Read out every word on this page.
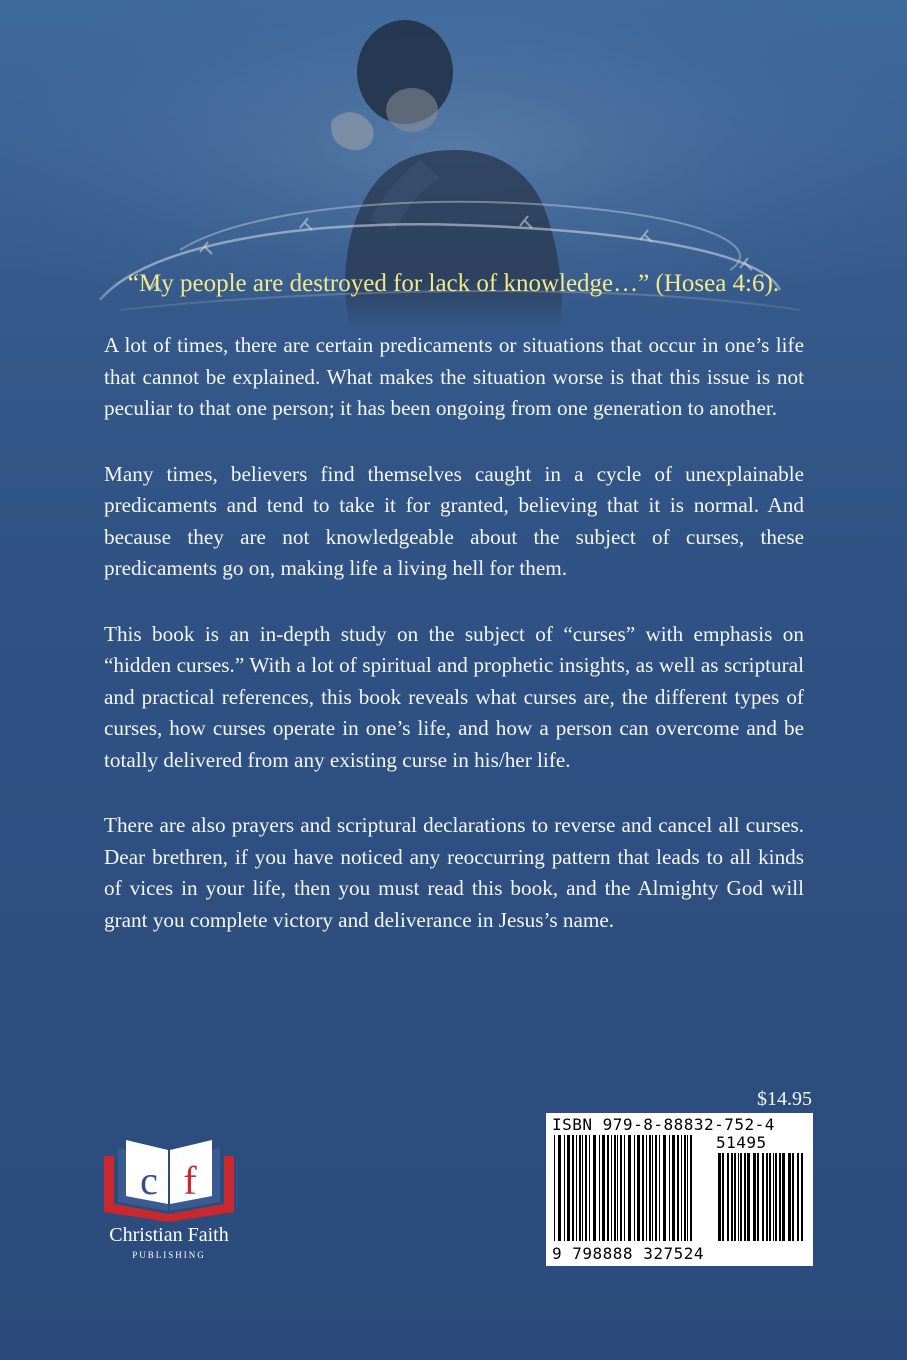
“My people are destroyed for lack of knowledge…” (Hosea 4:6).

A lot of times, there are certain predicaments or situations that occur in one’s life that cannot be explained. What makes the situation worse is that this issue is not peculiar to that one person; it has been ongoing from one generation to another.

Many times, believers find themselves caught in a cycle of unexplainable predicaments and tend to take it for granted, believing that it is normal. And because they are not knowledgeable about the subject of curses, these predicaments go on, making life a living hell for them.

This book is an in-depth study on the subject of “curses” with emphasis on “hidden curses.” With a lot of spiritual and prophetic insights, as well as scriptural and practical references, this book reveals what curses are, the different types of curses, how curses operate in one’s life, and how a person can overcome and be totally delivered from any existing curse in his/her life.

There are also prayers and scriptural declarations to reverse and cancel all curses. Dear brethren, if you have noticed any reoccurring pattern that leads to all kinds of vices in your life, then you must read this book, and the Almighty God will grant you complete victory and deliverance in Jesus’s name.

$14.95
ISBN 979-8-88832-752-4
51495
9 798888 327524
c f
Christian Faith
PUBLISHING
